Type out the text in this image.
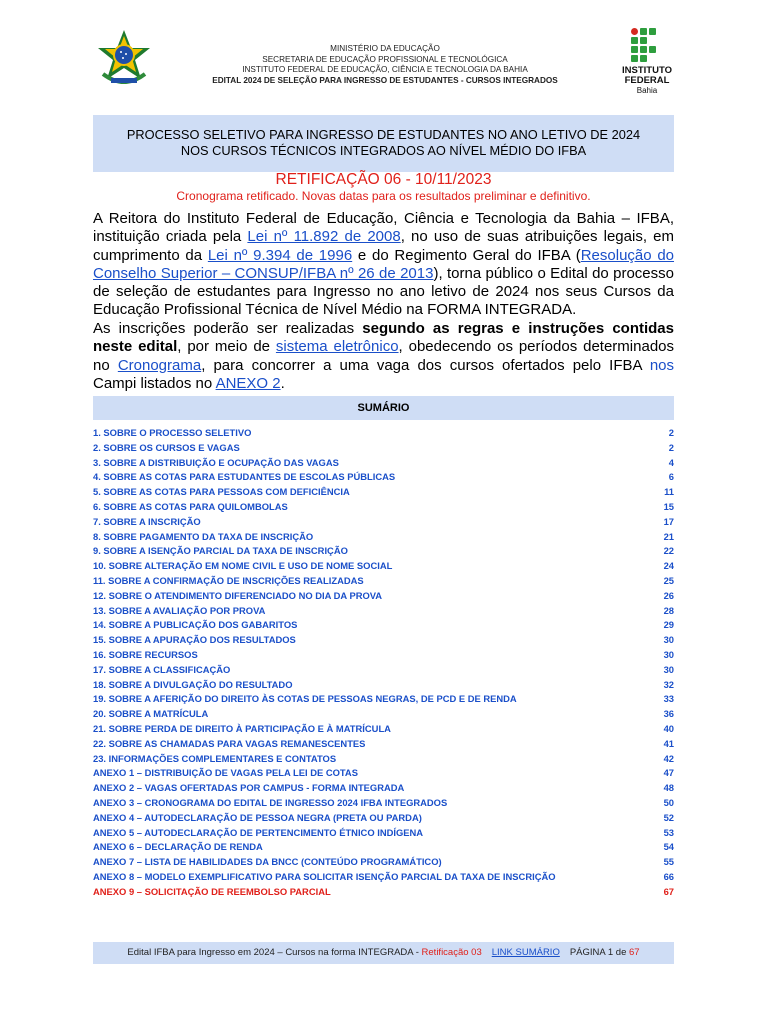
MINISTÉRIO DA EDUCAÇÃO
SECRETARIA DE EDUCAÇÃO PROFISSIONAL E TECNOLÓGICA
INSTITUTO FEDERAL DE EDUCAÇÃO, CIÊNCIA E TECNOLOGIA DA BAHIA
EDITAL 2024 DE SELEÇÃO PARA INGRESSO DE ESTUDANTES - CURSOS INTEGRADOS
INSTITUTO
FEDERAL
Bahia
PROCESSO SELETIVO PARA INGRESSO DE ESTUDANTES NO ANO LETIVO DE 2024
NOS CURSOS TÉCNICOS INTEGRADOS AO NÍVEL MÉDIO DO IFBA
RETIFICAÇÃO 06 - 10/11/2023
Cronograma retificado. Novas datas para os resultados preliminar e definitivo.
A Reitora do Instituto Federal de Educação, Ciência e Tecnologia da Bahia – IFBA, instituição criada pela Lei nº 11.892 de 2008, no uso de suas atribuições legais, em cumprimento da Lei nº 9.394 de 1996 e do Regimento Geral do IFBA (Resolução do Conselho Superior – CONSUP/IFBA nº 26 de 2013), torna público o Edital do processo de seleção de estudantes para Ingresso no ano letivo de 2024 nos seus Cursos da Educação Profissional Técnica de Nível Médio na FORMA INTEGRADA.
As inscrições poderão ser realizadas segundo as regras e instruções contidas neste edital, por meio de sistema eletrônico, obedecendo os períodos determinados no Cronograma, para concorrer a uma vaga dos cursos ofertados pelo IFBA nos Campi listados no ANEXO 2.
SUMÁRIO
1. SOBRE O PROCESSO SELETIVO	2
2. SOBRE OS CURSOS E VAGAS	2
3. SOBRE A DISTRIBUIÇÃO E OCUPAÇÃO DAS VAGAS	4
4. SOBRE AS COTAS PARA ESTUDANTES DE ESCOLAS PÚBLICAS	6
5. SOBRE AS COTAS PARA PESSOAS COM DEFICIÊNCIA	11
6. SOBRE AS COTAS PARA QUILOMBOLAS	15
7. SOBRE A INSCRIÇÃO	17
8. SOBRE PAGAMENTO DA TAXA DE INSCRIÇÃO	21
9. SOBRE A ISENÇÃO PARCIAL DA TAXA DE INSCRIÇÃO	22
10. SOBRE ALTERAÇÃO EM NOME CIVIL E USO DE NOME SOCIAL	24
11. SOBRE A CONFIRMAÇÃO DE INSCRIÇÕES REALIZADAS	25
12. SOBRE O ATENDIMENTO DIFERENCIADO NO DIA DA PROVA	26
13. SOBRE A AVALIAÇÃO POR PROVA	28
14. SOBRE A PUBLICAÇÃO DOS GABARITOS	29
15. SOBRE A APURAÇÃO DOS RESULTADOS	30
16. SOBRE RECURSOS	30
17. SOBRE A CLASSIFICAÇÃO	30
18. SOBRE A DIVULGAÇÃO DO RESULTADO	32
19. SOBRE A AFERIÇÃO DO DIREITO ÀS COTAS DE PESSOAS NEGRAS, DE PCD E DE RENDA	33
20. SOBRE A MATRÍCULA	36
21. SOBRE PERDA DE DIREITO À PARTICIPAÇÃO E À MATRÍCULA	40
22. SOBRE AS CHAMADAS PARA VAGAS REMANESCENTES	41
23. INFORMAÇÕES COMPLEMENTARES E CONTATOS	42
ANEXO 1 – DISTRIBUIÇÃO DE VAGAS PELA LEI DE COTAS	47
ANEXO 2 – VAGAS OFERTADAS POR CAMPUS - FORMA INTEGRADA	48
ANEXO 3 – CRONOGRAMA DO EDITAL DE INGRESSO 2024 IFBA INTEGRADOS	50
ANEXO 4 – AUTODECLARAÇÃO DE PESSOA NEGRA (PRETA OU PARDA)	52
ANEXO 5 – AUTODECLARAÇÃO DE PERTENCIMENTO ÉTNICO INDÍGENA	53
ANEXO 6 – DECLARAÇÃO DE RENDA	54
ANEXO 7 – LISTA DE HABILIDADES DA BNCC (CONTEÚDO PROGRAMÁTICO)	55
ANEXO 8 – MODELO EXEMPLIFICATIVO PARA SOLICITAR ISENÇÃO PARCIAL DA TAXA DE INSCRIÇÃO	66
ANEXO 9 – SOLICITAÇÃO DE REEMBOLSO PARCIAL	67
Edital IFBA para Ingresso em 2024 – Cursos na forma INTEGRADA - Retificação 03 LINK SUMÁRIO PÁGINA 1 de 67
